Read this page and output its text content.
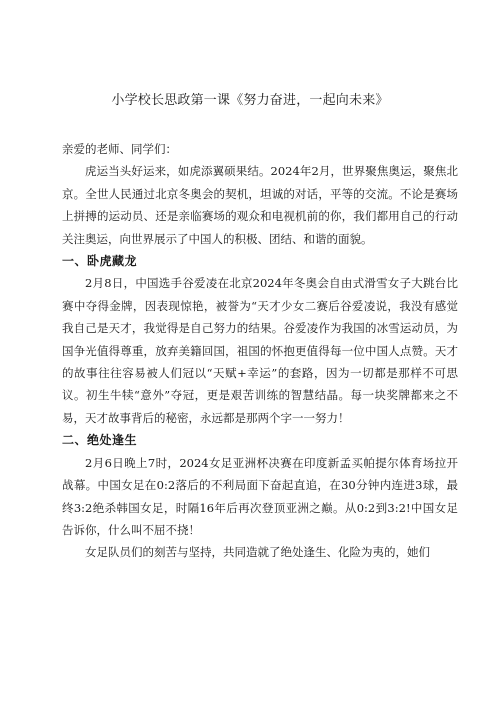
小学校长思政第一课《努力奋进，一起向未来》

亲爱的老师、同学们：

虎运当头好运来，如虎添翼硕果结。2024年2月，世界聚焦奥运，聚焦北京。全世人民通过北京冬奥会的契机，坦诚的对话，平等的交流。不论是赛场上拼搏的运动员、还是亲临赛场的观众和电视机前的你，我们都用自己的行动关注奥运，向世界展示了中国人的积极、团结、和谐的面貌。

一、卧虎藏龙

2月8日，中国选手谷爱凌在北京2024年冬奥会自由式滑雪女子大跳台比赛中夺得金牌，因表现惊艳，被誉为“天才少女二赛后谷爱凌说，我没有感觉我自己是天才，我觉得是自己努力的结果。谷爱凌作为我国的冰雪运动员，为国争光值得尊重，放弃美籍回国，祖国的怀抱更值得每一位中国人点赞。天才的故事往往容易被人们冠以“天赋+幸运”的套路，因为一切都是那样不可思议。初生牛犊“意外”夺冠，更是艰苦训练的智慧结晶。每一块奖牌都来之不易，天才故事背后的秘密，永远都是那两个字一一努力！

二、绝处逢生

2月6日晚上7时，2024女足亚洲杯决赛在印度新孟买帕提尔体育场拉开战幕。中国女足在0:2落后的不利局面下奋起直追，在30分钟内连进3球，最终3:2绝杀韩国女足，时隔16年后再次登顶亚洲之巅。从0:2到3:2!中国女足告诉你，什么叫不屈不挠！

女足队员们的刻苦与坚持，共同造就了绝处逢生、化险为夷的，她们
